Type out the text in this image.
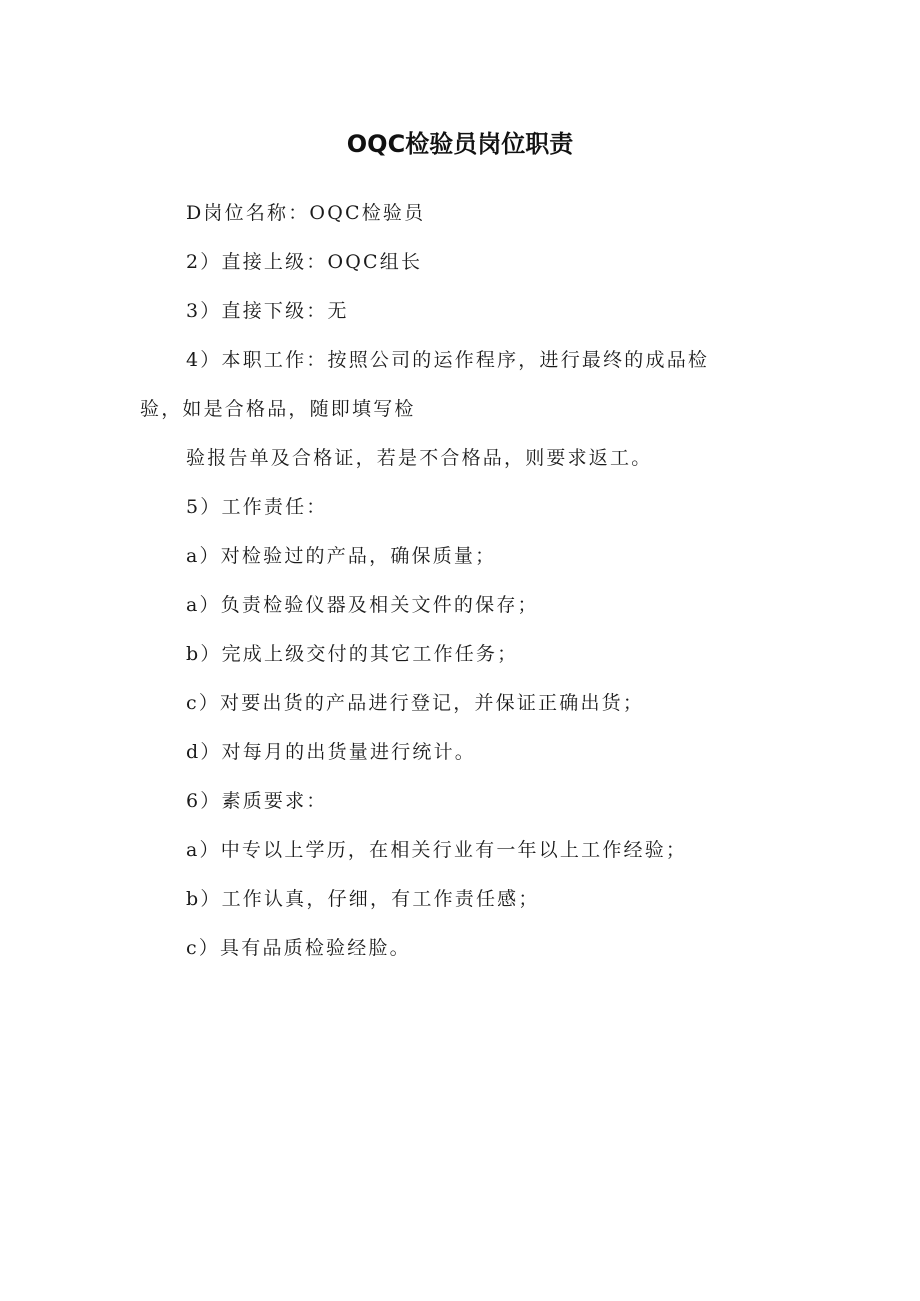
OQC检验员岗位职责
D岗位名称：OQC检验员
2）直接上级：OQC组长
3）直接下级：无
4）本职工作：按照公司的运作程序，进行最终的成品检
验，如是合格品，随即填写检
验报告单及合格证，若是不合格品，则要求返工。
5）工作责任：
a）对检验过的产品，确保质量；
a）负责检验仪器及相关文件的保存；
b）完成上级交付的其它工作任务；
c）对要出货的产品进行登记，并保证正确出货；
d）对每月的出货量进行统计。
6）素质要求：
a）中专以上学历，在相关行业有一年以上工作经验；
b）工作认真，仔细，有工作责任感；
c）具有品质检验经脸。
